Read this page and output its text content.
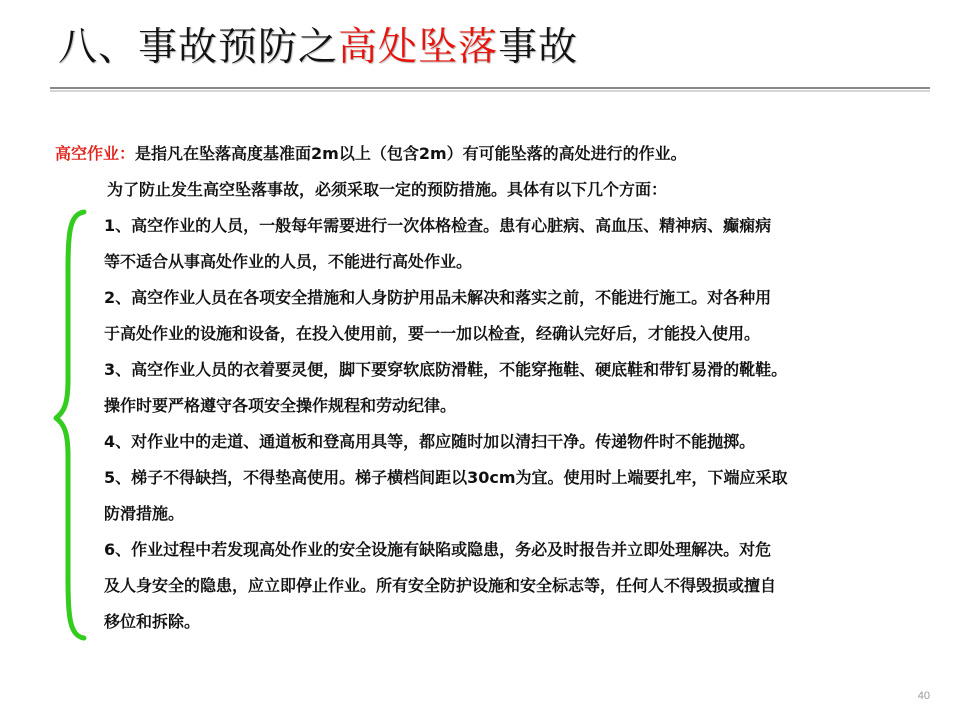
八、事故预防之高处坠落事故

高空作业：是指凡在坠落高度基准面2m以上（包含2m）有可能坠落的高处进行的作业。

为了防止发生高空坠落事故，必须采取一定的预防措施。具体有以下几个方面：

1、高空作业的人员，一般每年需要进行一次体格检查。患有心脏病、高血压、精神病、癫痫病

等不适合从事高处作业的人员，不能进行高处作业。

2、高空作业人员在各项安全措施和人身防护用品未解决和落实之前，不能进行施工。对各种用

于高处作业的设施和设备，在投入使用前，要一一加以检查，经确认完好后，才能投入使用。

3、高空作业人员的衣着要灵便，脚下要穿软底防滑鞋，不能穿拖鞋、硬底鞋和带钉易滑的靴鞋。

操作时要严格遵守各项安全操作规程和劳动纪律。

4、对作业中的走道、通道板和登高用具等，都应随时加以清扫干净。传递物件时不能抛掷。

5、梯子不得缺挡，不得垫高使用。梯子横档间距以30cm为宜。使用时上端要扎牢，下端应采取

防滑措施。

6、作业过程中若发现高处作业的安全设施有缺陷或隐患，务必及时报告并立即处理解决。对危

及人身安全的隐患，应立即停止作业。所有安全防护设施和安全标志等，任何人不得毁损或擅自

移位和拆除。

40
